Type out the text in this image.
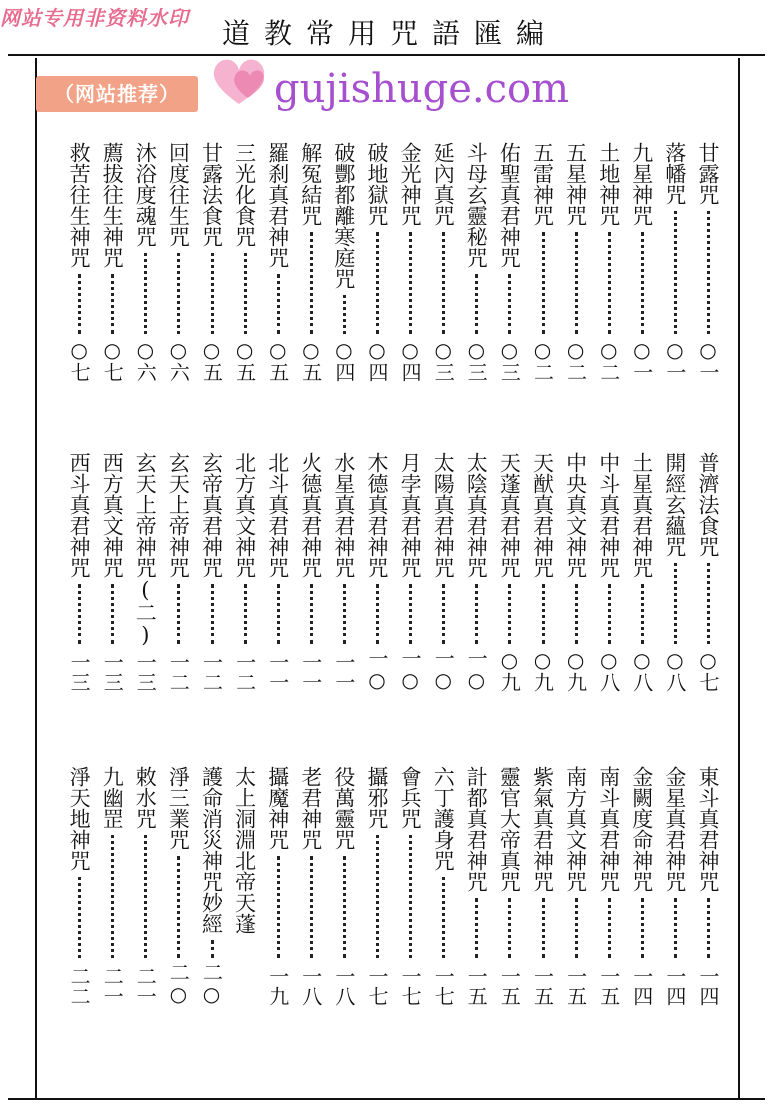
网站专用非资料水印	道教常用咒語匯編
（网站推荐）	gujishuge.com
甘露咒
○一
落幡咒
○一
九星神咒
○一
土地神咒
○二
五星神咒
○二
五雷神咒
○二
佑聖真君神咒
○三
斗母玄靈秘咒
○三
延內真咒
○三
金光神咒
○四
破地獄咒
○四
破酆都離寒庭咒
○四
解冤結咒
○五
羅刹真君神咒
○五
三光化食咒
○五
甘露法食咒
○五
回度往生咒
○六
沐浴度魂咒
○六
薦拔往生神咒
○七
救苦往生神咒
○七
普濟法食咒
○七
開經玄蘊咒
○八
土星真君神咒
○八
中斗真君神咒
○八
中央真文神咒
○九
天猷真君神咒
○九
天蓬真君神咒
○九
太陰真君神咒
一○
太陽真君神咒
一○
月孛真君神咒
一○
木德真君神咒
一○
水星真君神咒
一一
火德真君神咒
一一
北斗真君神咒
一一
北方真文神咒
一二
玄帝真君神咒
一二
玄天上帝神咒
一二
玄天上帝神咒(二)
一三
西方真文神咒
一三
西斗真君神咒
一三
東斗真君神咒
一四
金星真君神咒
一四
金闕度命神咒
一四
南斗真君神咒
一五
南方真文神咒
一五
紫氣真君神咒
一五
靈官大帝真咒
一五
計都真君神咒
一五
六丁護身咒
一七
會兵咒
一七
攝邪咒
一七
役萬靈咒
一八
老君神咒
一八
攝魔神咒
一九
太上洞淵北帝天蓬
護命消災神咒妙經
二○
淨三業咒
二○
敕水咒
二一
九幽罡
二一
淨天地神咒
二二
